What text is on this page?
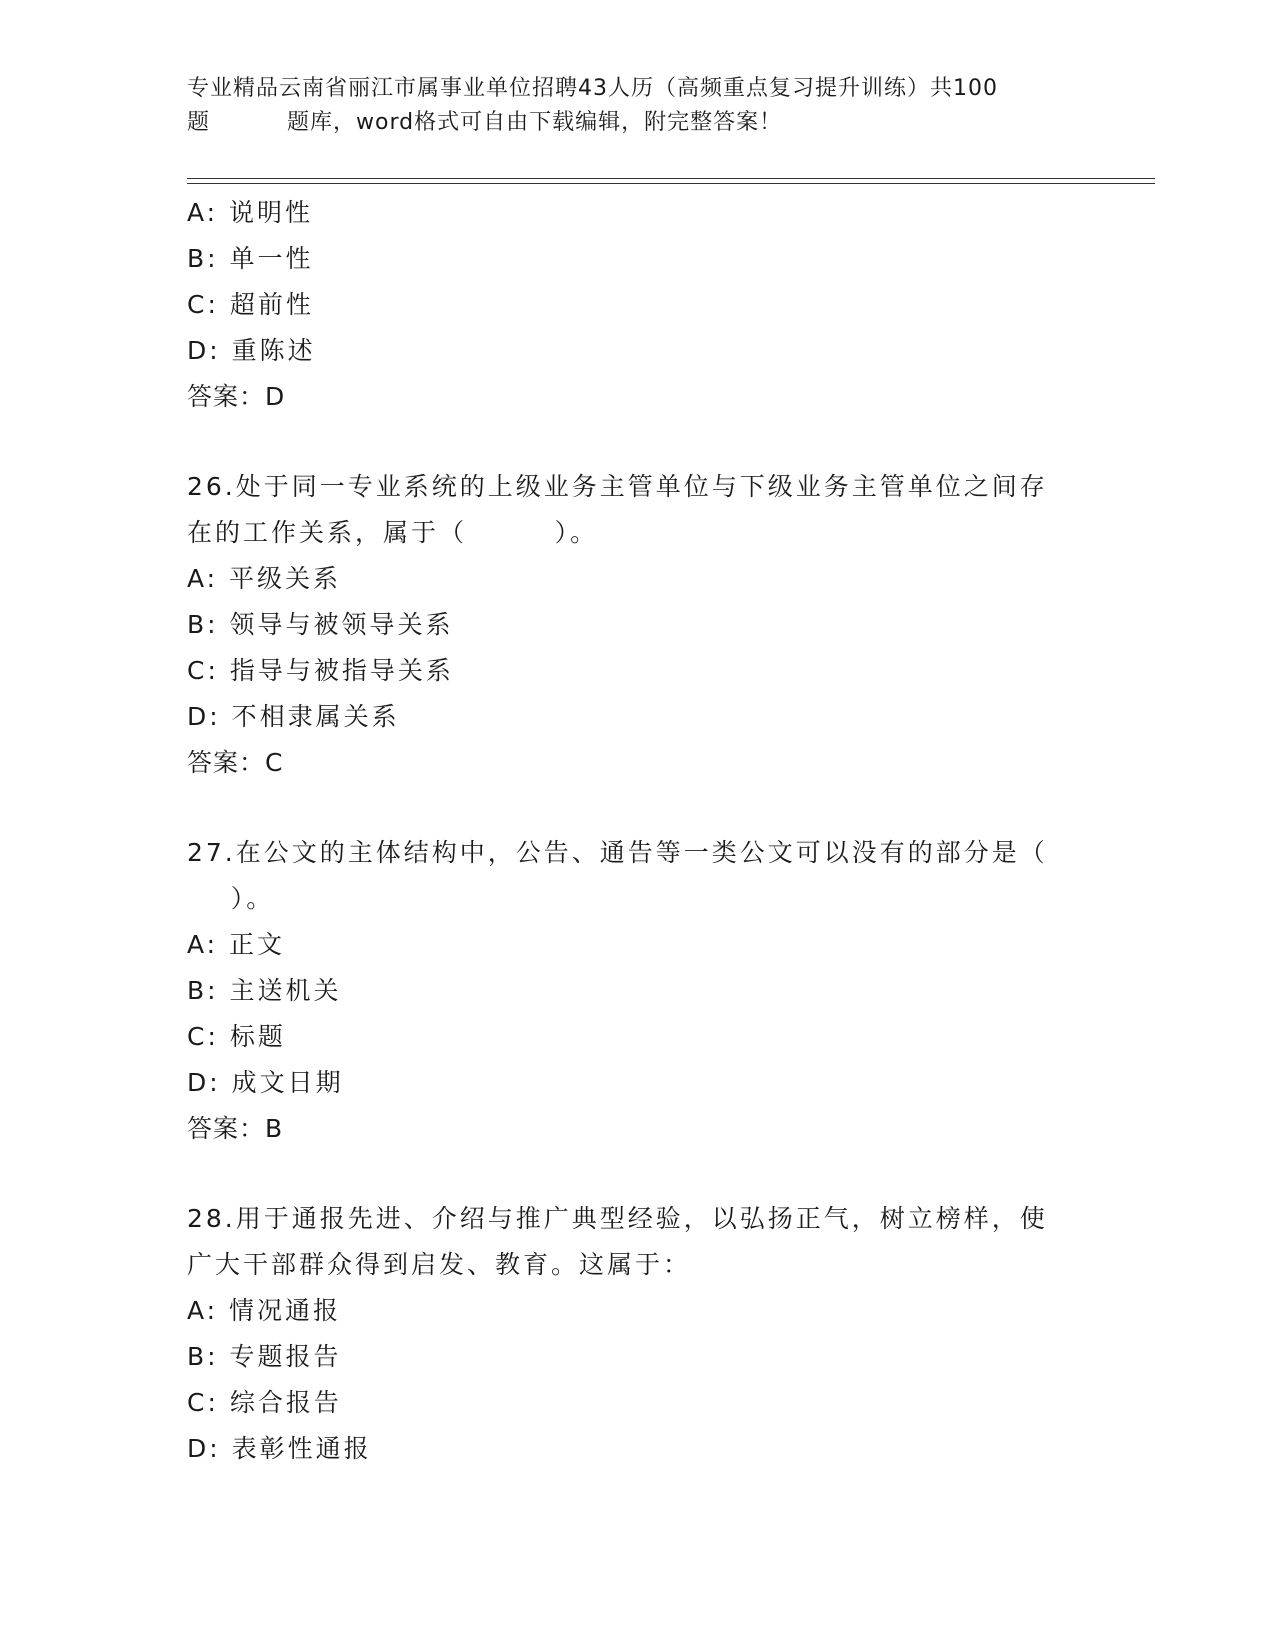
专业精品云南省丽江市属事业单位招聘43人历（高频重点复习提升训练）共100
题	题库，word格式可自由下载编辑，附完整答案！
A: 说明性
B: 单一性
C: 超前性
D: 重陈述
答案：D
26.处于同一专业系统的上级业务主管单位与下级业务主管单位之间存
在的工作关系，属于（        ）。
A: 平级关系
B: 领导与被领导关系
C: 指导与被指导关系
D: 不相隶属关系
答案：C
27.在公文的主体结构中，公告、通告等一类公文可以没有的部分是（
）。
A: 正文
B: 主送机关
C: 标题
D: 成文日期
答案：B
28.用于通报先进、介绍与推广典型经验，以弘扬正气，树立榜样，使
广大干部群众得到启发、教育。这属于：
A: 情况通报
B: 专题报告
C: 综合报告
D: 表彰性通报
